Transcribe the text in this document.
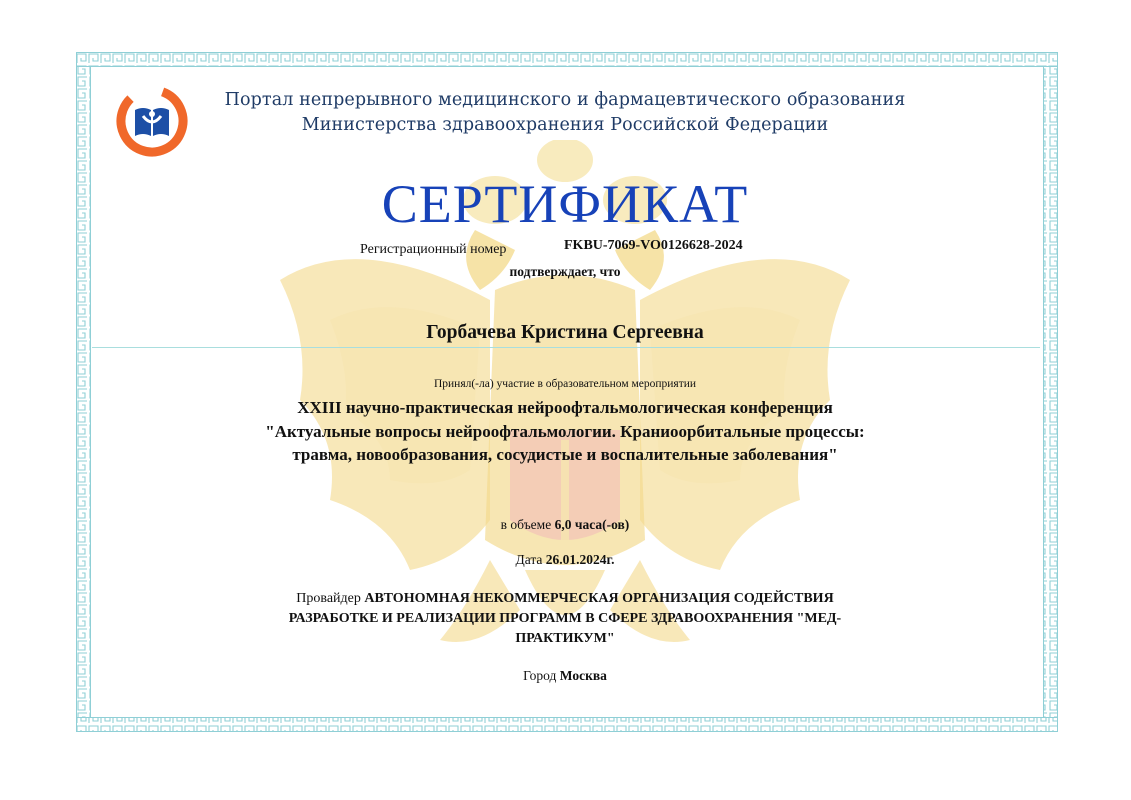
Портал непрерывного медицинского и фармацевтического образования
Министерства здравоохранения Российской Федерации
СЕРТИФИКАТ
Регистрационный номер	FKBU-7069-VO0126628-2024
подтверждает, что
Горбачева Кристина Сергеевна
Принял(-ла) участие в образовательном мероприятии
XXIII научно-практическая нейроофтальмологическая конференция
"Актуальные вопросы нейроофтальмологии. Краниоорбитальные процессы:
травма, новообразования, сосудистые и воспалительные заболевания"
в объеме 6,0 часа(-ов)
Дата 26.01.2024г.
Провайдер АВТОНОМНАЯ НЕКОММЕРЧЕСКАЯ ОРГАНИЗАЦИЯ СОДЕЙСТВИЯ
РАЗРАБОТКЕ И РЕАЛИЗАЦИИ ПРОГРАММ В СФЕРЕ ЗДРАВООХРАНЕНИЯ "МЕД-
ПРАКТИКУМ"
Город Москва
